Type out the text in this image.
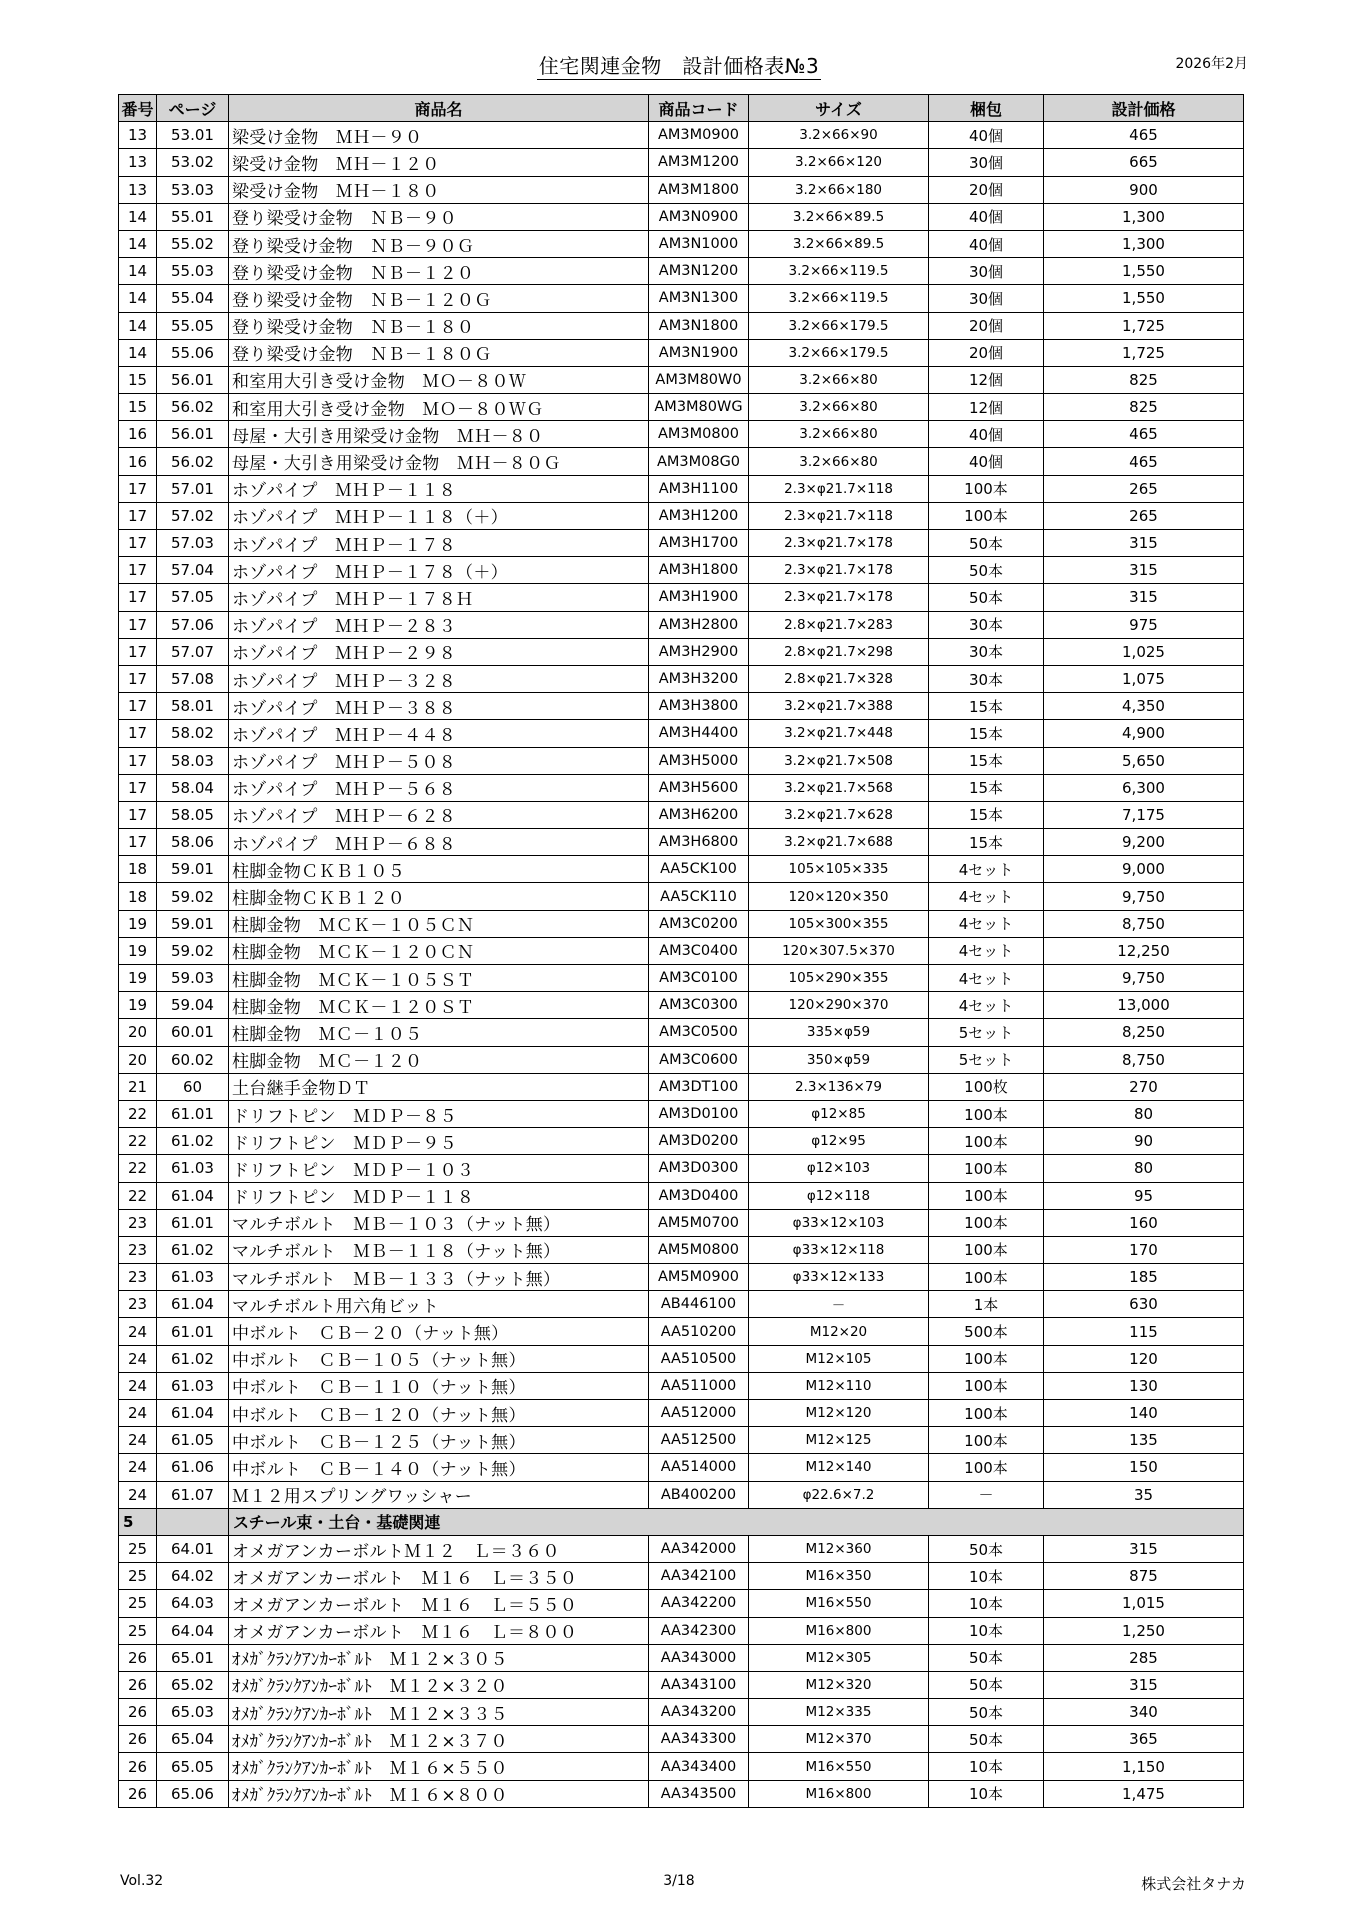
住宅関連金物　設計価格表№3	2026年2月
番号	ページ	商品名	商品コード	サイズ	梱包	設計価格
13	53.01	梁受け金物　ＭＨ－９０	AM3M0900	3.2×66×90	40個	465
13	53.02	梁受け金物　ＭＨ－１２０	AM3M1200	3.2×66×120	30個	665
13	53.03	梁受け金物　ＭＨ－１８０	AM3M1800	3.2×66×180	20個	900
14	55.01	登り梁受け金物　ＮＢ－９０	AM3N0900	3.2×66×89.5	40個	1,300
14	55.02	登り梁受け金物　ＮＢ－９０Ｇ	AM3N1000	3.2×66×89.5	40個	1,300
14	55.03	登り梁受け金物　ＮＢ－１２０	AM3N1200	3.2×66×119.5	30個	1,550
14	55.04	登り梁受け金物　ＮＢ－１２０Ｇ	AM3N1300	3.2×66×119.5	30個	1,550
14	55.05	登り梁受け金物　ＮＢ－１８０	AM3N1800	3.2×66×179.5	20個	1,725
14	55.06	登り梁受け金物　ＮＢ－１８０Ｇ	AM3N1900	3.2×66×179.5	20個	1,725
15	56.01	和室用大引き受け金物　ＭＯ－８０Ｗ	AM3M80W0	3.2×66×80	12個	825
15	56.02	和室用大引き受け金物　ＭＯ－８０ＷＧ	AM3M80WG	3.2×66×80	12個	825
16	56.01	母屋・大引き用梁受け金物　ＭＨ－８０	AM3M0800	3.2×66×80	40個	465
16	56.02	母屋・大引き用梁受け金物　ＭＨ－８０Ｇ	AM3M08G0	3.2×66×80	40個	465
17	57.01	ホゾパイプ　ＭＨＰ－１１８	AM3H1100	2.3×φ21.7×118	100本	265
17	57.02	ホゾパイプ　ＭＨＰ－１１８（＋）	AM3H1200	2.3×φ21.7×118	100本	265
17	57.03	ホゾパイプ　ＭＨＰ－１７８	AM3H1700	2.3×φ21.7×178	50本	315
17	57.04	ホゾパイプ　ＭＨＰ－１７８（＋）	AM3H1800	2.3×φ21.7×178	50本	315
17	57.05	ホゾパイプ　ＭＨＰ－１７８Ｈ	AM3H1900	2.3×φ21.7×178	50本	315
17	57.06	ホゾパイプ　ＭＨＰ－２８３	AM3H2800	2.8×φ21.7×283	30本	975
17	57.07	ホゾパイプ　ＭＨＰ－２９８	AM3H2900	2.8×φ21.7×298	30本	1,025
17	57.08	ホゾパイプ　ＭＨＰ－３２８	AM3H3200	2.8×φ21.7×328	30本	1,075
17	58.01	ホゾパイプ　ＭＨＰ－３８８	AM3H3800	3.2×φ21.7×388	15本	4,350
17	58.02	ホゾパイプ　ＭＨＰ－４４８	AM3H4400	3.2×φ21.7×448	15本	4,900
17	58.03	ホゾパイプ　ＭＨＰ－５０８	AM3H5000	3.2×φ21.7×508	15本	5,650
17	58.04	ホゾパイプ　ＭＨＰ－５６８	AM3H5600	3.2×φ21.7×568	15本	6,300
17	58.05	ホゾパイプ　ＭＨＰ－６２８	AM3H6200	3.2×φ21.7×628	15本	7,175
17	58.06	ホゾパイプ　ＭＨＰ－６８８	AM3H6800	3.2×φ21.7×688	15本	9,200
18	59.01	柱脚金物ＣＫＢ１０５	AA5CK100	105×105×335	4セット	9,000
18	59.02	柱脚金物ＣＫＢ１２０	AA5CK110	120×120×350	4セット	9,750
19	59.01	柱脚金物　ＭＣＫ－１０５ＣＮ	AM3C0200	105×300×355	4セット	8,750
19	59.02	柱脚金物　ＭＣＫ－１２０ＣＮ	AM3C0400	120×307.5×370	4セット	12,250
19	59.03	柱脚金物　ＭＣＫ－１０５ＳＴ	AM3C0100	105×290×355	4セット	9,750
19	59.04	柱脚金物　ＭＣＫ－１２０ＳＴ	AM3C0300	120×290×370	4セット	13,000
20	60.01	柱脚金物　ＭＣ－１０５	AM3C0500	335×φ59	5セット	8,250
20	60.02	柱脚金物　ＭＣ－１２０	AM3C0600	350×φ59	5セット	8,750
21	60	土台継手金物ＤＴ	AM3DT100	2.3×136×79	100枚	270
22	61.01	ドリフトピン　ＭＤＰ－８５	AM3D0100	φ12×85	100本	80
22	61.02	ドリフトピン　ＭＤＰ－９５	AM3D0200	φ12×95	100本	90
22	61.03	ドリフトピン　ＭＤＰ－１０３	AM3D0300	φ12×103	100本	80
22	61.04	ドリフトピン　ＭＤＰ－１１８	AM3D0400	φ12×118	100本	95
23	61.01	マルチボルト　ＭＢ－１０３（ナット無）	AM5M0700	φ33×12×103	100本	160
23	61.02	マルチボルト　ＭＢ－１１８（ナット無）	AM5M0800	φ33×12×118	100本	170
23	61.03	マルチボルト　ＭＢ－１３３（ナット無）	AM5M0900	φ33×12×133	100本	185
23	61.04	マルチボルト用六角ビット	AB446100	－	1本	630
24	61.01	中ボルト　ＣＢ－２０（ナット無）	AA510200	M12×20	500本	115
24	61.02	中ボルト　ＣＢ－１０５（ナット無）	AA510500	M12×105	100本	120
24	61.03	中ボルト　ＣＢ－１１０（ナット無）	AA511000	M12×110	100本	130
24	61.04	中ボルト　ＣＢ－１２０（ナット無）	AA512000	M12×120	100本	140
24	61.05	中ボルト　ＣＢ－１２５（ナット無）	AA512500	M12×125	100本	135
24	61.06	中ボルト　ＣＢ－１４０（ナット無）	AA514000	M12×140	100本	150
24	61.07	Ｍ１２用スプリングワッシャー	AB400200	φ22.6×7.2	－	35
5		スチール束・土台・基礎関連				
25	64.01	オメガアンカーボルトＭ１２　Ｌ＝３６０	AA342000	M12×360	50本	315
25	64.02	オメガアンカーボルト　Ｍ１６　Ｌ＝３５０	AA342100	M16×350	10本	875
25	64.03	オメガアンカーボルト　Ｍ１６　Ｌ＝５５０	AA342200	M16×550	10本	1,015
25	64.04	オメガアンカーボルト　Ｍ１６　Ｌ＝８００	AA342300	M16×800	10本	1,250
26	65.01	ｵﾒｶﾞｸﾗﾝｸｱﾝｶｰﾎﾞﾙﾄ　Ｍ１２×３０５	AA343000	M12×305	50本	285
26	65.02	ｵﾒｶﾞｸﾗﾝｸｱﾝｶｰﾎﾞﾙﾄ　Ｍ１２×３２０	AA343100	M12×320	50本	315
26	65.03	ｵﾒｶﾞｸﾗﾝｸｱﾝｶｰﾎﾞﾙﾄ　Ｍ１２×３３５	AA343200	M12×335	50本	340
26	65.04	ｵﾒｶﾞｸﾗﾝｸｱﾝｶｰﾎﾞﾙﾄ　Ｍ１２×３７０	AA343300	M12×370	50本	365
26	65.05	ｵﾒｶﾞｸﾗﾝｸｱﾝｶｰﾎﾞﾙﾄ　Ｍ１６×５５０	AA343400	M16×550	10本	1,150
26	65.06	ｵﾒｶﾞｸﾗﾝｸｱﾝｶｰﾎﾞﾙﾄ　Ｍ１６×８００	AA343500	M16×800	10本	1,475
Vol.32	3/18	株式会社タナカ
